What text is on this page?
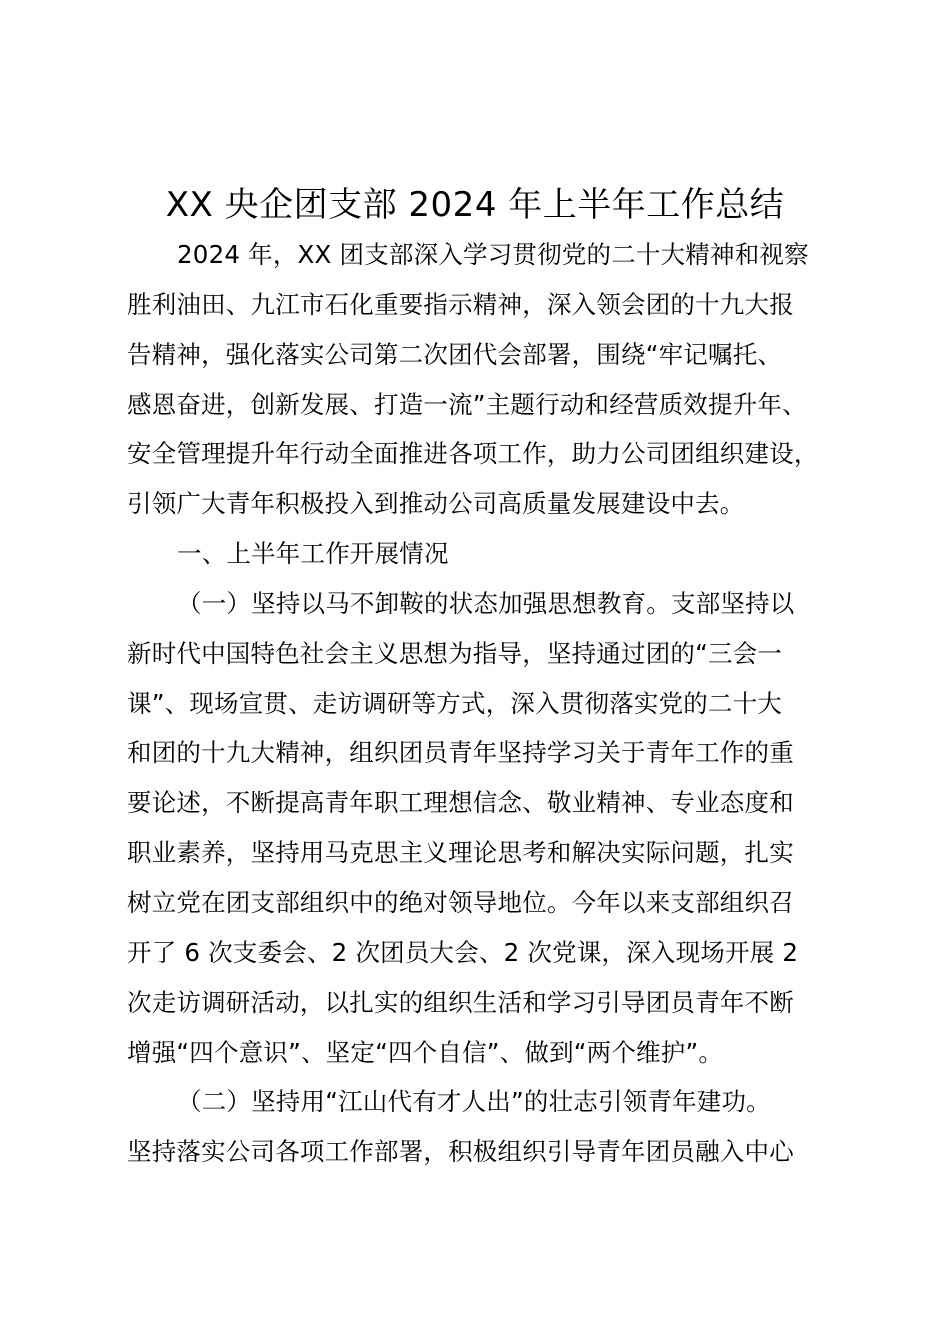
XX 央企团支部 2024 年上半年工作总结
2024 年，XX 团支部深入学习贯彻党的二十大精神和视察
胜利油田、九江市石化重要指示精神，深入领会团的十九大报
告精神，强化落实公司第二次团代会部署，围绕“牢记嘱托、
感恩奋进，创新发展、打造一流”主题行动和经营质效提升年、
安全管理提升年行动全面推进各项工作，助力公司团组织建设，
引领广大青年积极投入到推动公司高质量发展建设中去。
一、上半年工作开展情况
（一）坚持以马不卸鞍的状态加强思想教育。支部坚持以
新时代中国特色社会主义思想为指导，坚持通过团的“三会一
课”、现场宣贯、走访调研等方式，深入贯彻落实党的二十大
和团的十九大精神，组织团员青年坚持学习关于青年工作的重
要论述，不断提高青年职工理想信念、敬业精神、专业态度和
职业素养，坚持用马克思主义理论思考和解决实际问题，扎实
树立党在团支部组织中的绝对领导地位。今年以来支部组织召
开了 6 次支委会、2 次团员大会、2 次党课，深入现场开展 2
次走访调研活动，以扎实的组织生活和学习引导团员青年不断
增强“四个意识”、坚定“四个自信”、做到“两个维护”。
（二）坚持用“江山代有才人出”的壮志引领青年建功。
坚持落实公司各项工作部署，积极组织引导青年团员融入中心
